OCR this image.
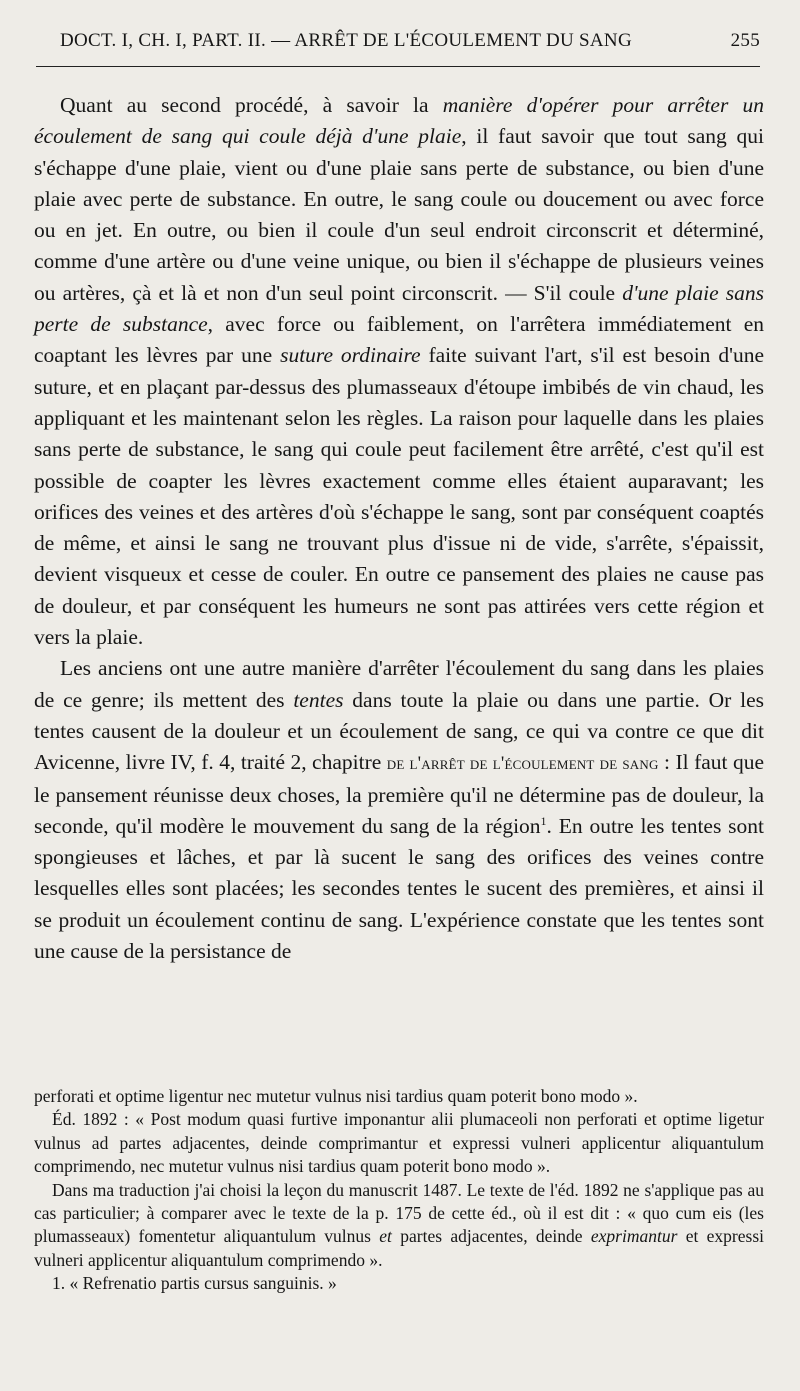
DOCT. I, CH. I, PART. II. — ARRÊT DE L'ÉCOULEMENT DU SANG	255

Quant au second procédé, à savoir la manière d'opérer pour arrêter un écoulement de sang qui coule déjà d'une plaie, il faut savoir que tout sang qui s'échappe d'une plaie, vient ou d'une plaie sans perte de substance, ou bien d'une plaie avec perte de substance. En outre, le sang coule ou doucement ou avec force ou en jet. En outre, ou bien il coule d'un seul endroit circonscrit et déterminé, comme d'une artère ou d'une veine unique, ou bien il s'échappe de plusieurs veines ou artères, çà et là et non d'un seul point circonscrit. — S'il coule d'une plaie sans perte de substance, avec force ou faiblement, on l'arrêtera immédiatement en coaptant les lèvres par une suture ordinaire faite suivant l'art, s'il est besoin d'une suture, et en plaçant par-dessus des plumasseaux d'étoupe imbibés de vin chaud, les appliquant et les maintenant selon les règles. La raison pour laquelle dans les plaies sans perte de substance, le sang qui coule peut facilement être arrêté, c'est qu'il est possible de coapter les lèvres exactement comme elles étaient auparavant; les orifices des veines et des artères d'où s'échappe le sang, sont par conséquent coaptés de même, et ainsi le sang ne trouvant plus d'issue ni de vide, s'arrête, s'épaissit, devient visqueux et cesse de couler. En outre ce pansement des plaies ne cause pas de douleur, et par conséquent les humeurs ne sont pas attirées vers cette région et vers la plaie.

Les anciens ont une autre manière d'arrêter l'écoulement du sang dans les plaies de ce genre; ils mettent des tentes dans toute la plaie ou dans une partie. Or les tentes causent de la douleur et un écoulement de sang, ce qui va contre ce que dit Avicenne, livre IV, f. 4, traité 2, chapitre de l'arrêt de l'écoulement de sang : Il faut que le pansement réunisse deux choses, la première qu'il ne détermine pas de douleur, la seconde, qu'il modère le mouvement du sang de la région$^1$. En outre les tentes sont spongieuses et lâches, et par là sucent le sang des orifices des veines contre lesquelles elles sont placées; les secondes tentes le sucent des premières, et ainsi il se produit un écoulement continu de sang. L'expérience constate que les tentes sont une cause de la persistance de

perforati et optime ligentur nec mutetur vulnus nisi tardius quam poterit bono modo ».

Éd. 1892 : « Post modum quasi furtive imponantur alii plumaceoli non perforati et optime ligetur vulnus ad partes adjacentes, deinde comprimantur et expressi vulneri applicentur aliquantulum comprimendo, nec mutetur vulnus nisi tardius quam poterit bono modo ».

Dans ma traduction j'ai choisi la leçon du manuscrit 1487. Le texte de l'éd. 1892 ne s'applique pas au cas particulier; à comparer avec le texte de la p. 175 de cette éd., où il est dit : « quo cum eis (les plumasseaux) fomentetur aliquantulum vulnus et partes adjacentes, deinde exprimantur et expressi vulneri applicentur aliquantulum comprimendo ».

1. « Refrenatio partis cursus sanguinis. »
